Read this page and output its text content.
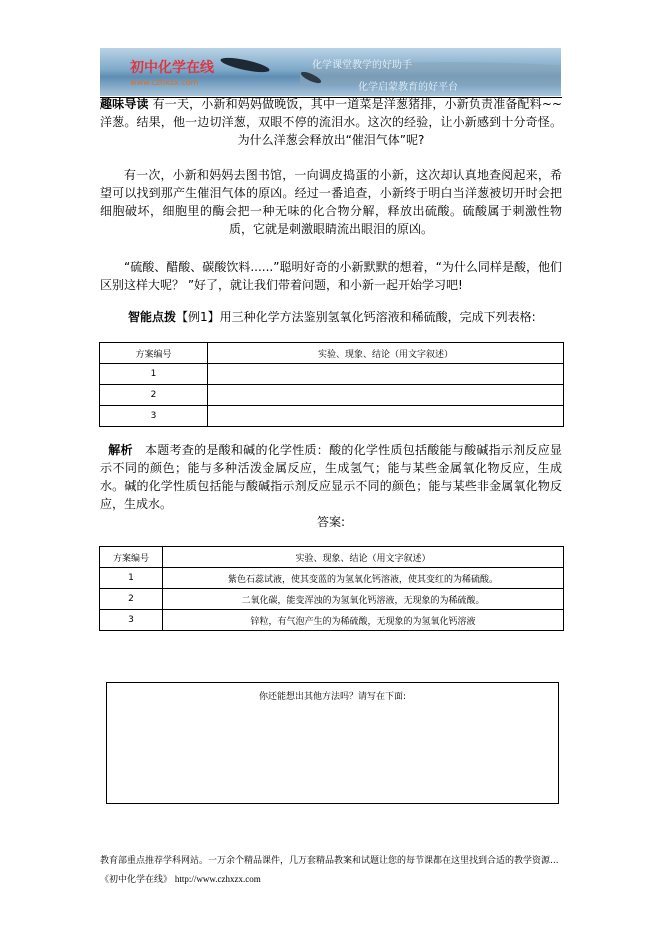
初中化学在线
www.czhxzx.com
化学课堂教学的好助手
化学启蒙教育的好平台
趣味导读 有一天，小新和妈妈做晚饭，其中一道菜是洋葱猪排，小新负责准备配料~~洋葱。结果，他一边切洋葱，双眼不停的流泪水。这次的经验，让小新感到十分奇怪。为什么洋葱会释放出“催泪气体”呢?
有一次，小新和妈妈去图书馆，一向调皮捣蛋的小新，这次却认真地查阅起来，希望可以找到那产生催泪气体的原凶。经过一番追查，小新终于明白当洋葱被切开时会把细胞破坏，细胞里的酶会把一种无味的化合物分解，释放出硫酸。硫酸属于刺激性物质，它就是刺激眼睛流出眼泪的原凶。
“硫酸、醋酸、碳酸饮料......”聪明好奇的小新默默的想着，“为什么同样是酸，他们区别这样大呢？ ”好了，就让我们带着问题，和小新一起开始学习吧!
智能点拨【例1】用三种化学方法鉴别氢氧化钙溶液和稀硫酸，完成下列表格:
方案编号	实验、现象、结论（用文字叙述）
1	
2	
3	
解析 本题考查的是酸和碱的化学性质：酸的化学性质包括酸能与酸碱指示剂反应显示不同的颜色；能与多种活泼金属反应，生成氢气；能与某些金属氧化物反应，生成水。碱的化学性质包括能与酸碱指示剂反应显示不同的颜色；能与某些非金属氧化物反应，生成水。
答案:
方案编号	实验、现象、结论（用文字叙述）
1	紫色石蕊试液，使其变蓝的为氢氧化钙溶液，使其变红的为稀硫酸。
2	二氧化碳，能变浑浊的为氢氧化钙溶液，无现象的为稀硫酸。
3	锌粒，有气泡产生的为稀硫酸，无现象的为氢氧化钙溶液
你还能想出其他方法吗？请写在下面:
教育部重点推荐学科网站。一万余个精品课件，几万套精品教案和试题让您的每节课都在这里找到合适的教学资源...《初中化学在线》 http://www.czhxzx.com
